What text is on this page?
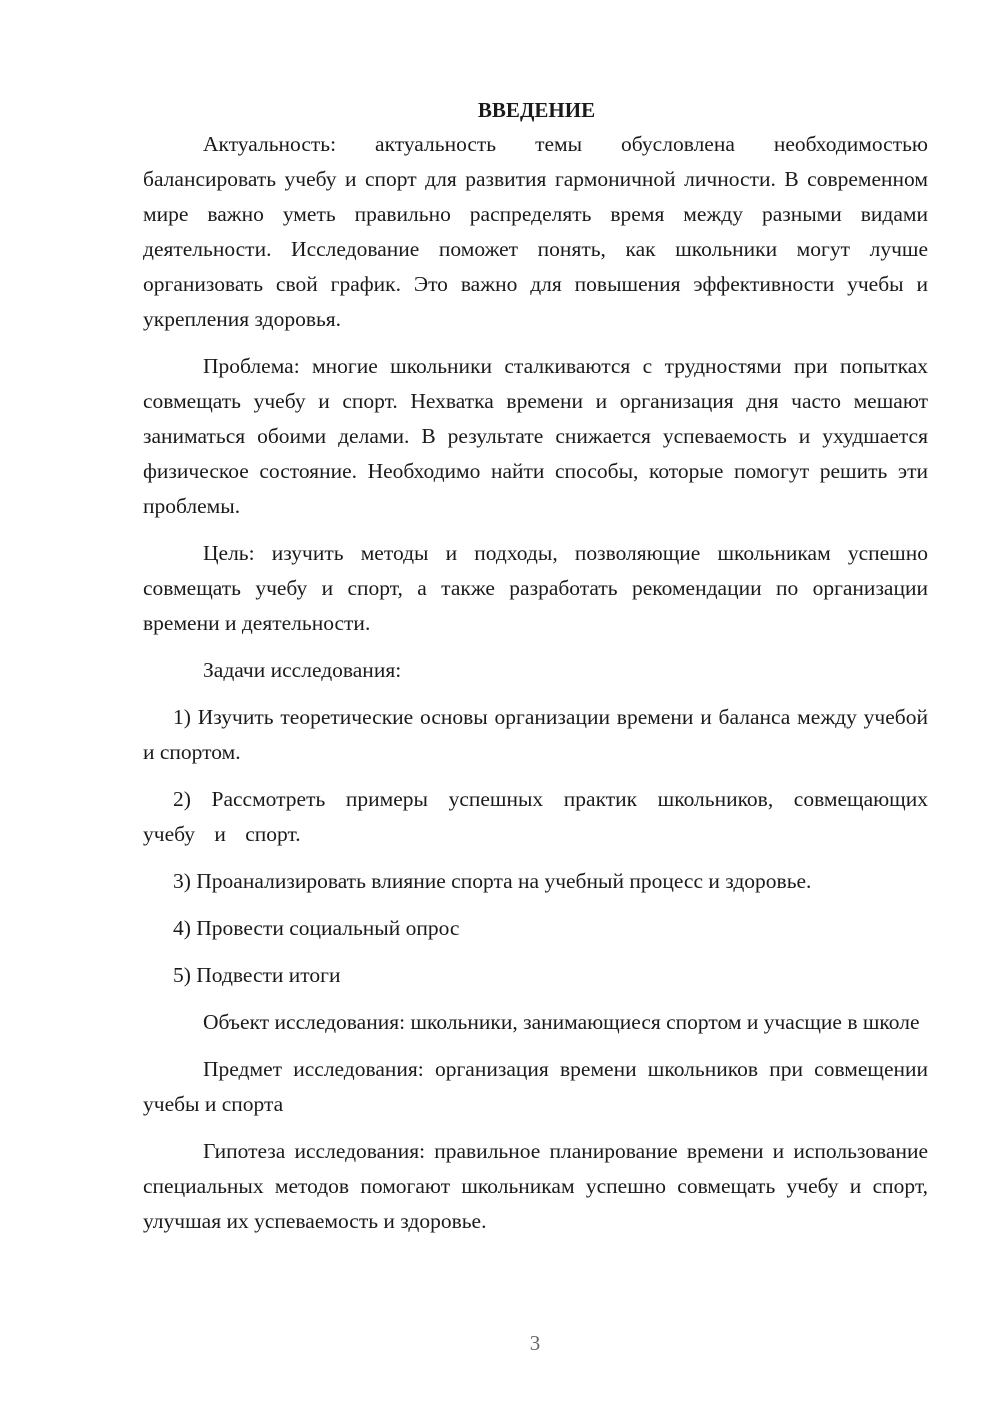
ВВЕДЕНИЕ

Актуальность: актуальность темы обусловлена необходимостью балансировать учебу и спорт для развития гармоничной личности. В современном мире важно уметь правильно распределять время между разными видами деятельности. Исследование поможет понять, как школьники могут лучше организовать свой график. Это важно для повышения эффективности учебы и укрепления здоровья.

Проблема: многие школьники сталкиваются с трудностями при попытках совмещать учебу и спорт. Нехватка времени и организация дня часто мешают заниматься обоими делами. В результате снижается успеваемость и ухудшается физическое состояние. Необходимо найти способы, которые помогут решить эти проблемы.

Цель: изучить методы и подходы, позволяющие школьникам успешно совмещать учебу и спорт, а также разработать рекомендации по организации времени и деятельности.

Задачи исследования:

1) Изучить теоретические основы организации времени и баланса между учебой и спортом.

2) Рассмотреть примеры успешных практик школьников, совмещающих учебу и спорт.

3) Проанализировать влияние спорта на учебный процесс и здоровье.

4) Провести социальный опрос

5) Подвести итоги

Объект исследования: школьники, занимающиеся спортом и учасщие в школе

Предмет исследования: организация времени школьников при совмещении учебы и спорта

Гипотеза исследования: правильное планирование времени и использование специальных методов помогают школьникам успешно совмещать учебу и спорт, улучшая их успеваемость и здоровье.

3
